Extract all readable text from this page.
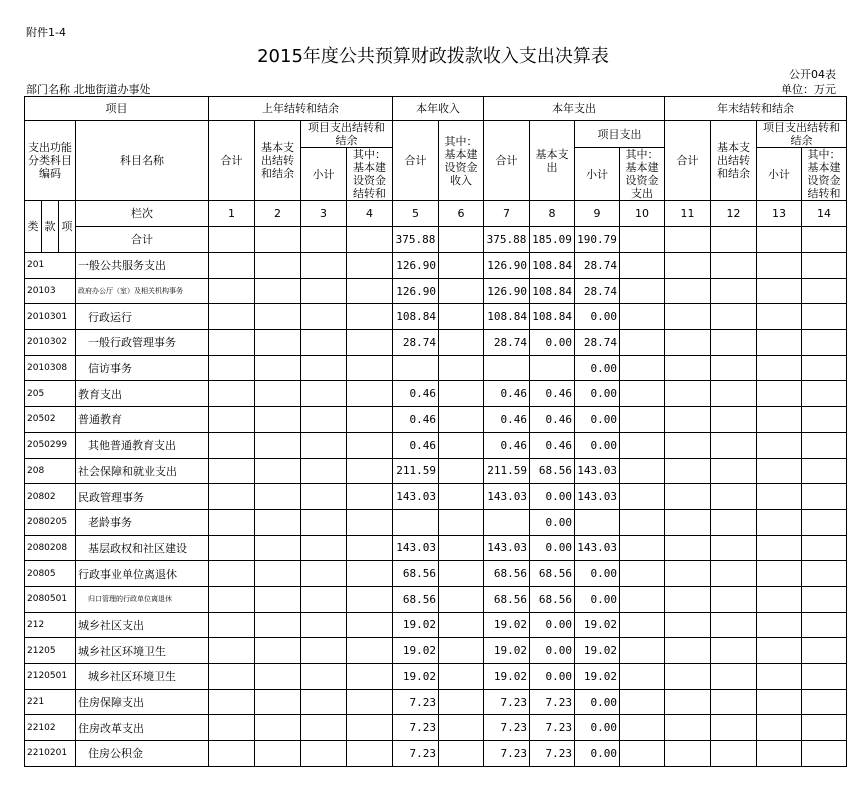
附件1-4
2015年度公共预算财政拨款收入支出决算表
公开04表
部门名称 北地街道办事处	单位：万元
项目				上年结转和结余				本年收入		本年支出				年末结转和结余			
支出功能分类科目编码			科目名称	合计	基本支出结转和结余	项目支出结转和结余		合计	其中：基本建设资金收入	合计	基本支出	项目支出		合计	基本支出结转和结余	项目支出结转和结余	
						小计	其中：基本建设资金结转和					小计	其中：基本建设资金支出			小计	其中：基本建设资金结转和
类	款	项	栏次	1	2	3	4	5	6	7	8	9	10	11	12	13	14
			合计					375.88		375.88	185.09	190.79					
201			一般公共服务支出					126.90		126.90	108.84	28.74					
20103			政府办公厅（室）及相关机构事务					126.90		126.90	108.84	28.74					
2010301			行政运行					108.84		108.84	108.84	0.00					
2010302			一般行政管理事务					28.74		28.74	0.00	28.74					
2010308			信访事务									0.00					
205			教育支出					0.46		0.46	0.46	0.00					
20502			普通教育					0.46		0.46	0.46	0.00					
2050299			其他普通教育支出					0.46		0.46	0.46	0.00					
208			社会保障和就业支出					211.59		211.59	68.56	143.03					
20802			民政管理事务					143.03		143.03	0.00	143.03					
2080205			老龄事务								0.00						
2080208			基层政权和社区建设					143.03		143.03	0.00	143.03					
20805			行政事业单位离退休					68.56		68.56	68.56	0.00					
2080501			归口管理的行政单位离退休					68.56		68.56	68.56	0.00					
212			城乡社区支出					19.02		19.02	0.00	19.02					
21205			城乡社区环境卫生					19.02		19.02	0.00	19.02					
2120501			城乡社区环境卫生					19.02		19.02	0.00	19.02					
221			住房保障支出					7.23		7.23	7.23	0.00					
22102			住房改革支出					7.23		7.23	7.23	0.00					
2210201			住房公积金					7.23		7.23	7.23	0.00					
